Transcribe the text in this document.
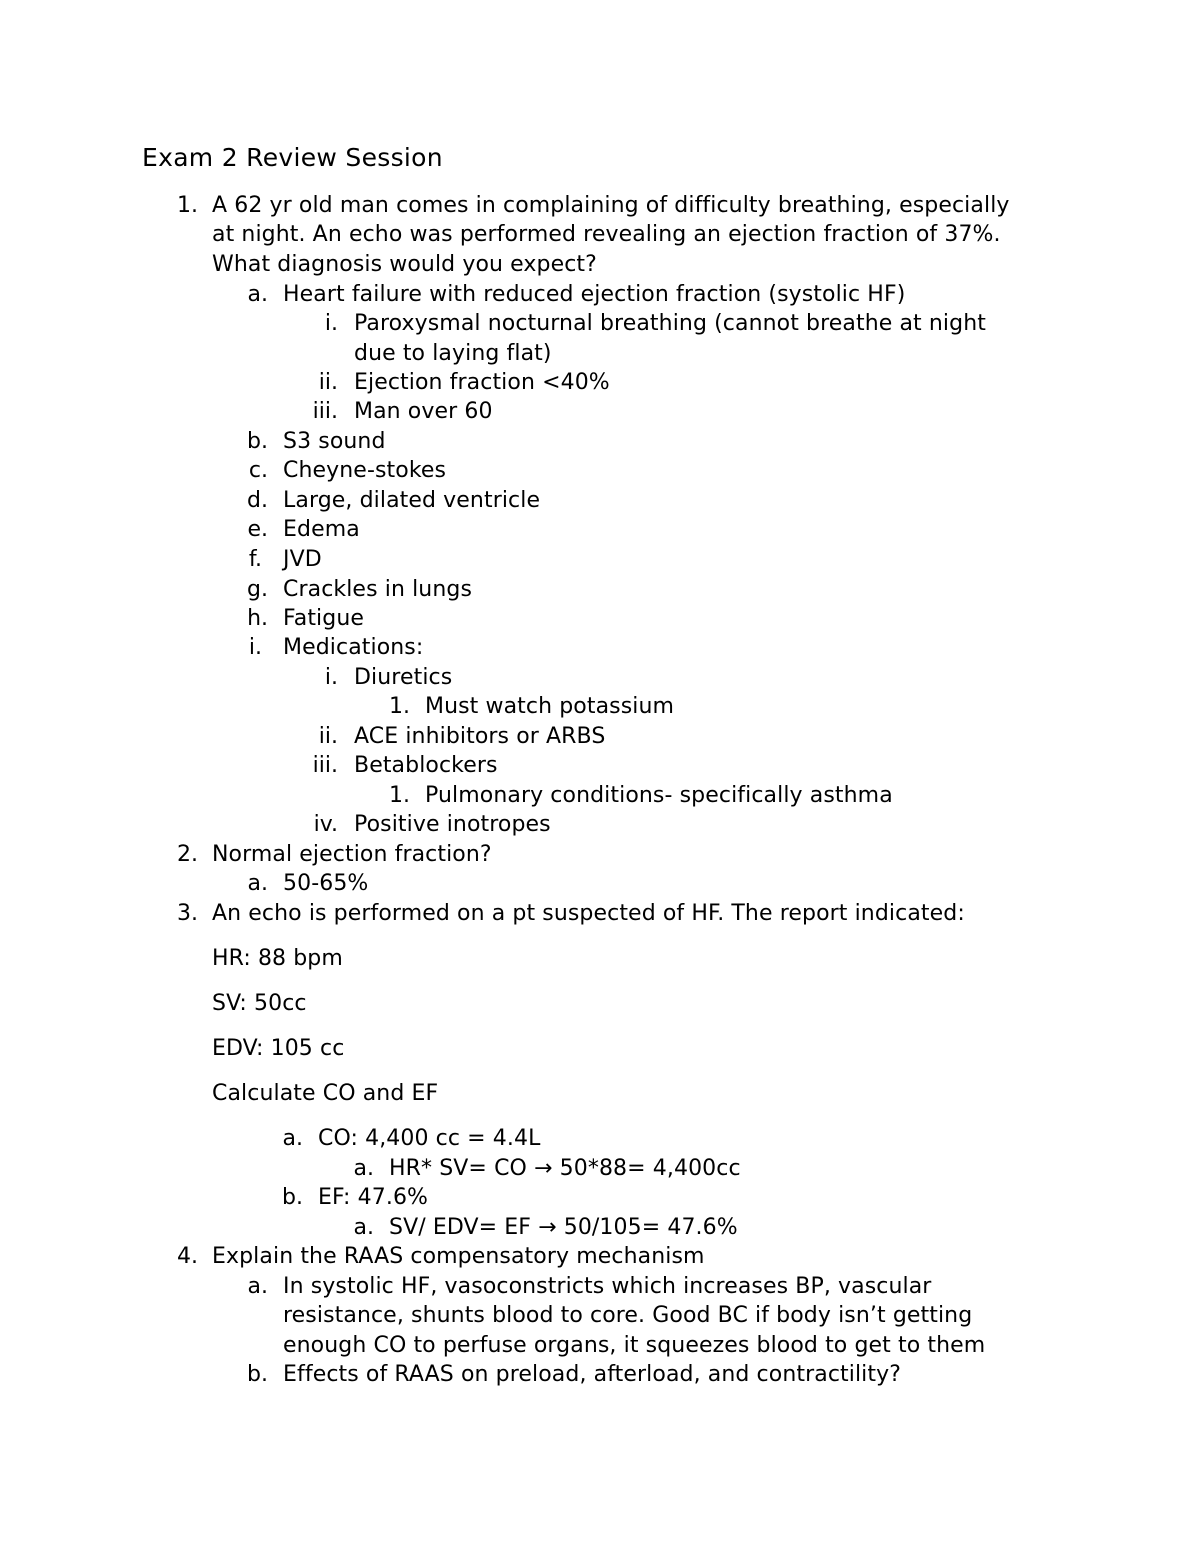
Exam 2 Review Session
1. A 62 yr old man comes in complaining of difficulty breathing, especially
at night. An echo was performed revealing an ejection fraction of 37%.
What diagnosis would you expect?
a. Heart failure with reduced ejection fraction (systolic HF)
i. Paroxysmal nocturnal breathing (cannot breathe at night
due to laying flat)
ii. Ejection fraction <40%
iii. Man over 60
b. S3 sound
c. Cheyne-stokes
d. Large, dilated ventricle
e. Edema
f. JVD
g. Crackles in lungs
h. Fatigue
i. Medications:
i. Diuretics
1. Must watch potassium
ii. ACE inhibitors or ARBS
iii. Betablockers
1. Pulmonary conditions- specifically asthma
iv. Positive inotropes
2. Normal ejection fraction?
a. 50-65%
3. An echo is performed on a pt suspected of HF. The report indicated:
HR: 88 bpm
SV: 50cc
EDV: 105 cc
Calculate CO and EF
a. CO: 4,400 cc = 4.4L
a. HR* SV= CO → 50*88= 4,400cc
b. EF: 47.6%
a. SV/ EDV= EF → 50/105= 47.6%
4. Explain the RAAS compensatory mechanism
a. In systolic HF, vasoconstricts which increases BP, vascular
resistance, shunts blood to core. Good BC if body isn’t getting
enough CO to perfuse organs, it squeezes blood to get to them
b. Effects of RAAS on preload, afterload, and contractility?
